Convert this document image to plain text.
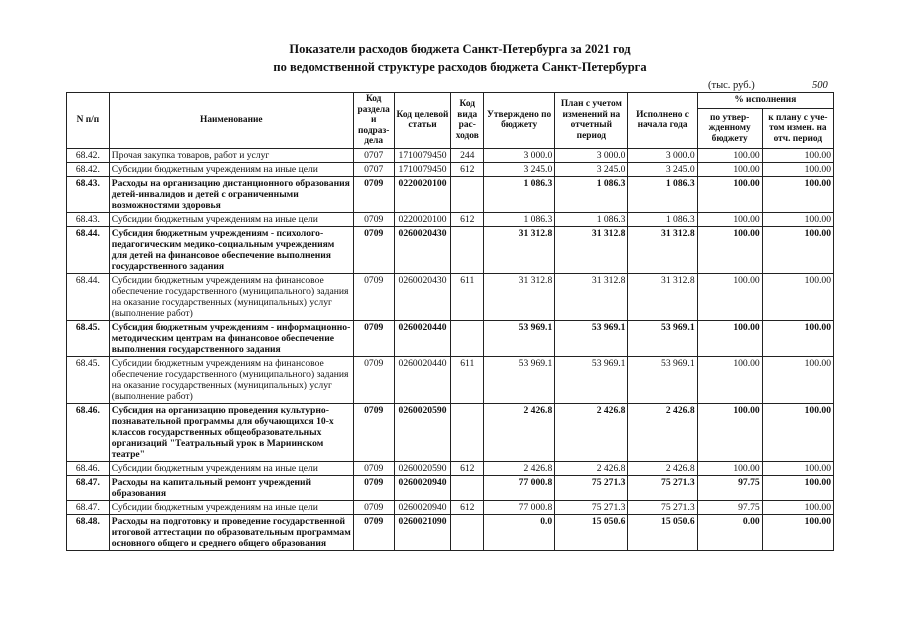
Показатели расходов бюджета Санкт-Петербурга за 2021 год
по ведомственной структуре расходов бюджета Санкт-Петербурга
(тыс. руб.)	500
N п/п	Наименование	Код раздела и подраз-дела	Код целевой статьи	Код вида рас-ходов	Утверждено по бюджету	План с учетом изменений на отчетный период	Исполнено с начала года	% исполнения	
								по утвер-жденному бюджету	к плану с уче-том измен. на отч. период
68.42.	Прочая закупка товаров, работ и услуг	0707	1710079450	244	3 000.0	3 000.0	3 000.0	100.00	100.00
68.42.	Субсидии бюджетным учреждениям на иные цели	0707	1710079450	612	3 245.0	3 245.0	3 245.0	100.00	100.00
68.43.	Расходы на организацию дистанционного образования детей-инвалидов и детей с ограниченными возможностями здоровья	0709	0220020100		1 086.3	1 086.3	1 086.3	100.00	100.00
68.43.	Субсидии бюджетным учреждениям на иные цели	0709	0220020100	612	1 086.3	1 086.3	1 086.3	100.00	100.00
68.44.	Субсидия бюджетным учреждениям - психолого-педагогическим медико-социальным учреждениям для детей на финансовое обеспечение выполнения государственного задания	0709	0260020430		31 312.8	31 312.8	31 312.8	100.00	100.00
68.44.	Субсидии бюджетным учреждениям на финансовое обеспечение государственного (муниципального) задания на оказание государственных (муниципальных) услуг (выполнение работ)	0709	0260020430	611	31 312.8	31 312.8	31 312.8	100.00	100.00
68.45.	Субсидия бюджетным учреждениям - информационно-методическим центрам на финансовое обеспечение выполнения государственного задания	0709	0260020440		53 969.1	53 969.1	53 969.1	100.00	100.00
68.45.	Субсидии бюджетным учреждениям на финансовое обеспечение государственного (муниципального) задания на оказание государственных (муниципальных) услуг (выполнение работ)	0709	0260020440	611	53 969.1	53 969.1	53 969.1	100.00	100.00
68.46.	Субсидия на организацию проведения культурно-познавательной программы для обучающихся 10-х классов государственных общеобразовательных организаций "Театральный урок в Мариинском театре"	0709	0260020590		2 426.8	2 426.8	2 426.8	100.00	100.00
68.46.	Субсидии бюджетным учреждениям на иные цели	0709	0260020590	612	2 426.8	2 426.8	2 426.8	100.00	100.00
68.47.	Расходы на капитальный ремонт учреждений образования	0709	0260020940		77 000.8	75 271.3	75 271.3	97.75	100.00
68.47.	Субсидии бюджетным учреждениям на иные цели	0709	0260020940	612	77 000.8	75 271.3	75 271.3	97.75	100.00
68.48.	Расходы на подготовку и проведение государственной итоговой аттестации по образовательным программам основного общего и среднего общего образования	0709	0260021090		0.0	15 050.6	15 050.6	0.00	100.00
